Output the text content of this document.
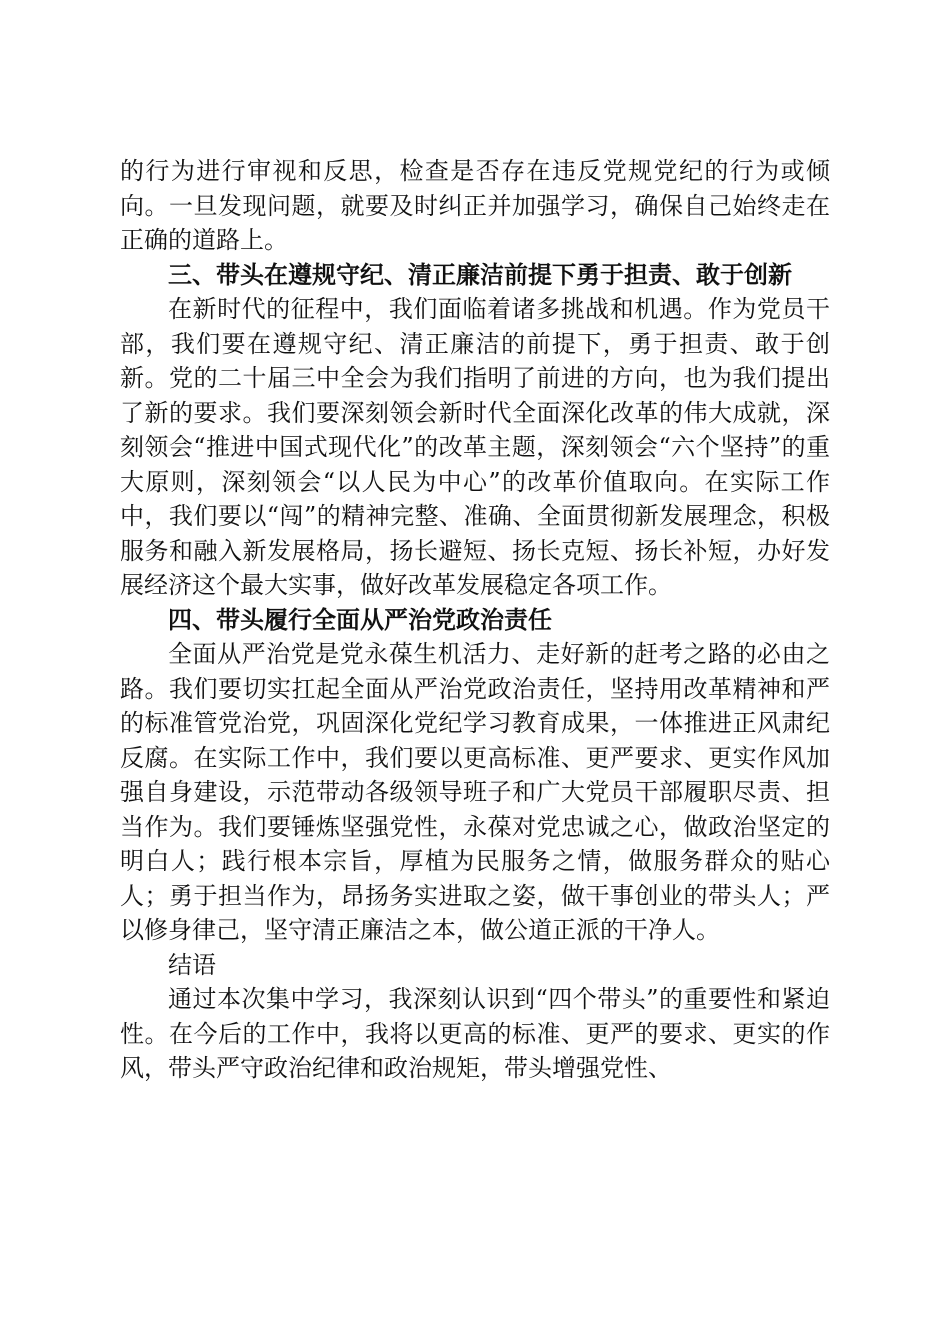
的行为进行审视和反思，检查是否存在违反党规党纪的行为或倾向。一旦发现问题，就要及时纠正并加强学习，确保自己始终走在正确的道路上。

三、带头在遵规守纪、清正廉洁前提下勇于担责、敢于创新

在新时代的征程中，我们面临着诸多挑战和机遇。作为党员干部，我们要在遵规守纪、清正廉洁的前提下，勇于担责、敢于创新。党的二十届三中全会为我们指明了前进的方向，也为我们提出了新的要求。我们要深刻领会新时代全面深化改革的伟大成就，深刻领会“推进中国式现代化”的改革主题，深刻领会“六个坚持”的重大原则，深刻领会“以人民为中心”的改革价值取向。在实际工作中，我们要以“闯”的精神完整、准确、全面贯彻新发展理念，积极服务和融入新发展格局，扬长避短、扬长克短、扬长补短，办好发展经济这个最大实事，做好改革发展稳定各项工作。

四、带头履行全面从严治党政治责任

全面从严治党是党永葆生机活力、走好新的赶考之路的必由之路。我们要切实扛起全面从严治党政治责任，坚持用改革精神和严的标准管党治党，巩固深化党纪学习教育成果，一体推进正风肃纪反腐。在实际工作中，我们要以更高标准、更严要求、更实作风加强自身建设，示范带动各级领导班子和广大党员干部履职尽责、担当作为。我们要锤炼坚强党性，永葆对党忠诚之心，做政治坚定的明白人；践行根本宗旨，厚植为民服务之情，做服务群众的贴心人；勇于担当作为，昂扬务实进取之姿，做干事创业的带头人；严以修身律己，坚守清正廉洁之本，做公道正派的干净人。

结语

通过本次集中学习，我深刻认识到“四个带头”的重要性和紧迫性。在今后的工作中，我将以更高的标准、更严的要求、更实的作风，带头严守政治纪律和政治规矩，带头增强党性、
